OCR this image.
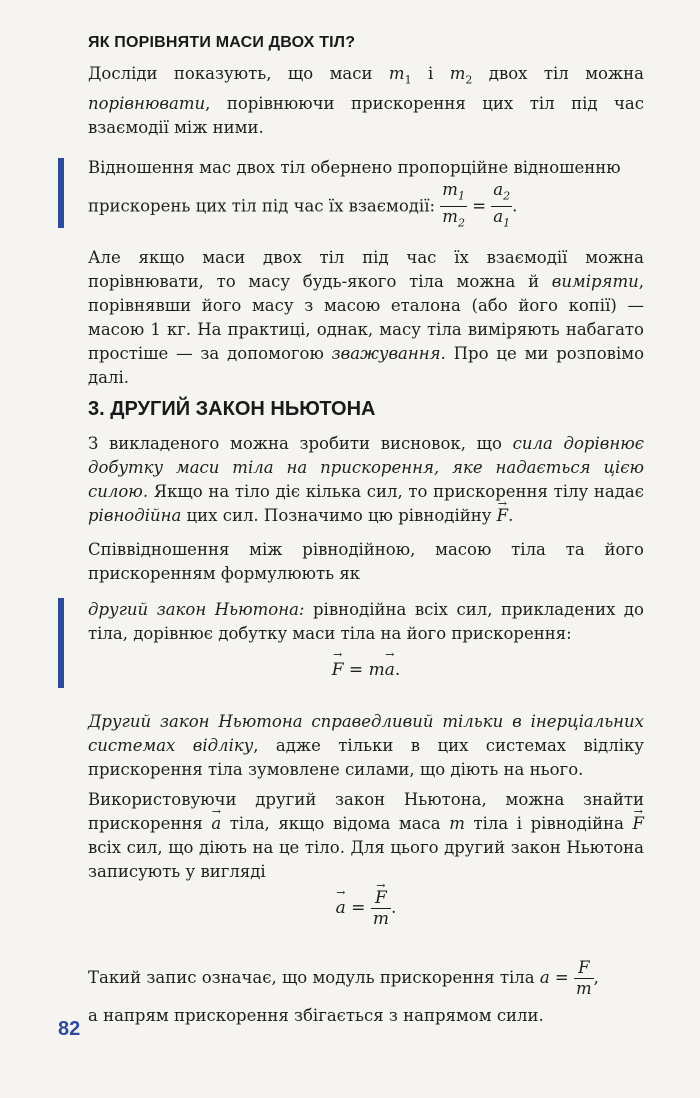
ЯК ПОРІВНЯТИ МАСИ ДВОХ ТІЛ?

Досліди показують, що маси $m_1$ і $m_2$ двох тіл можна порівнювати, порівнюючи прискорення цих тіл під час взаємодії між ними.

Відношення мас двох тіл обернено пропорційне відношенню

прискорень цих тіл під час їх взаємодії: $\frac{m_1}{m_2} = \frac{a_2}{a_1}$ .

Але якщо маси двох тіл під час їх взаємодії можна порівнювати, то масу будь-якого тіла можна й виміряти, порівнявши його масу з масою еталона (або його копії) — масою 1 кг. На практиці, однак, масу тіла виміряють набагато простіше — за допомогою зважування. Про це ми розповімо далі.

3. ДРУГИЙ ЗАКОН НЬЮТОНА

З викладеного можна зробити висновок, що сила дорівнює добутку маси тіла на прискорення, яке надається цією силою. Якщо на тіло діє кілька сил, то прискорення тілу надає рівнодійна цих сил. Позначимо цю рівнодійну F →.

Співвідношення між рівнодійною, масою тіла та його прискоренням формулюють як

другий закон Ньютона: рівнодійна всіх сил, прикладених до тіла, дорівнює добутку маси тіла на його прискорення:

F → = ma →.

Другий закон Ньютона справедливий тільки в інерціальних системах відліку, адже тільки в цих системах відліку прискорення тіла зумовлене силами, що діють на нього.

Використовуючи другий закон Ньютона, можна знайти прискорення a → тіла, якщо відома маса m тіла і рівнодійна F → всіх сил, що діють на це тіло. Для цього другий закон Ньютона записують у вигляді

a → = $\frac{F \to}{m}$ .
Такий запис означає, що модуль прискорення тіла $a = \frac{F}{m}$ ,

а напрям прискорення збігається з напрямом сили.

82
